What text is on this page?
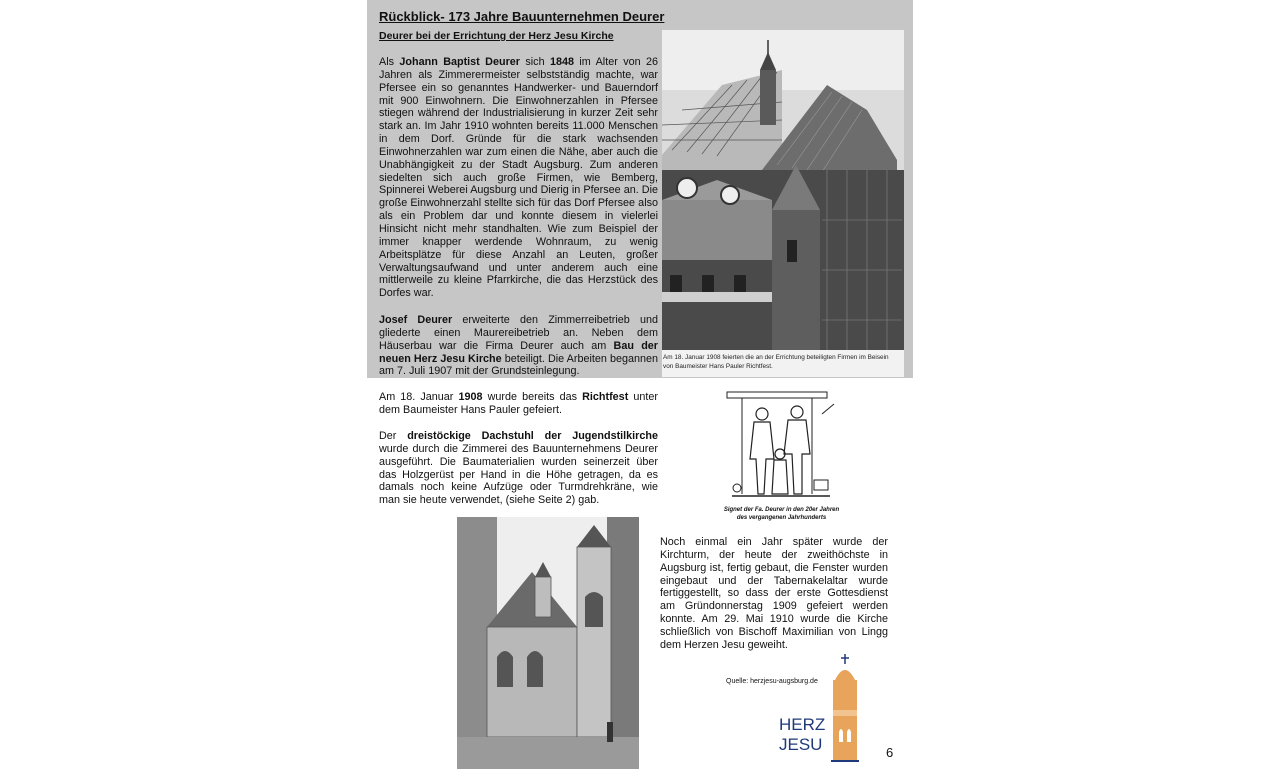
Rückblick- 173 Jahre Bauunternehmen Deurer
Deurer bei der Errichtung der Herz Jesu Kirche

Als Johann Baptist Deurer sich 1848 im Alter von 26 Jahren als Zimmerermeister selbstständig machte, war Pfersee ein so genanntes Handwerker- und Bauerndorf mit 900 Einwohnern. Die Einwohnerzahlen in Pfersee stiegen während der Industrialisierung in kurzer Zeit sehr stark an. Im Jahr 1910 wohnten bereits 11.000 Menschen in dem Dorf. Gründe für die stark wachsenden Einwohnerzahlen war zum einen die Nähe, aber auch die Unabhängigkeit zu der Stadt Augsburg. Zum anderen siedelten sich auch große Firmen, wie Bemberg, Spinnerei Weberei Augsburg und Dierig in Pfersee an. Die große Einwohnerzahl stellte sich für das Dorf Pfersee also als ein Problem dar und konnte diesem in vielerlei Hinsicht nicht mehr standhalten. Wie zum Beispiel der immer knapper werdende Wohnraum, zu wenig Arbeitsplätze für diese Anzahl an Leuten, großer Verwaltungsaufwand und unter anderem auch eine mittlerweile zu kleine Pfarrkirche, die das Herzstück des Dorfes war.

Josef Deurer erweiterte den Zimmerreibetrieb und gliederte einen Maurereibetrieb an. Neben dem Häuserbau war die Firma Deurer auch am Bau der neuen Herz Jesu Kirche beteiligt. Die Arbeiten begannen am 7. Juli 1907 mit der Grundsteinlegung.

Am 18. Januar 1908 wurde bereits das Richtfest unter dem Baumeister Hans Pauler gefeiert.

Der dreistöckige Dachstuhl der Jugendstilkirche wurde durch die Zimmerei des Bauunternehmens Deurer ausgeführt. Die Baumaterialien wurden seinerzeit über das Holzgerüst per Hand in die Höhe getragen, da es damals noch keine Aufzüge oder Turmdrehkräne, wie man sie heute verwendet, (siehe Seite 2) gab.

Noch einmal ein Jahr später wurde der Kirchturm, der heute der zweithöchste in Augsburg ist, fertig gebaut, die Fenster wurden eingebaut und der Tabernakelaltar wurde fertiggestellt, so dass der erste Gottesdienst am Gründonnerstag 1909 gefeiert werden konnte. Am 29. Mai 1910 wurde die Kirche schließlich von Bischoff Maximilian von Lingg dem Herzen Jesu geweiht.

Am 18. Januar 1908 feierten die an der Errichtung beteiligten Firmen im Beisein
von Baumeister Hans Pauler Richtfest.
Signet der Fa. Deurer in den 20er Jahren
des vergangenen Jahrhunderts
Quelle: herzjesu-augsburg.de
HERZ
JESU	6
